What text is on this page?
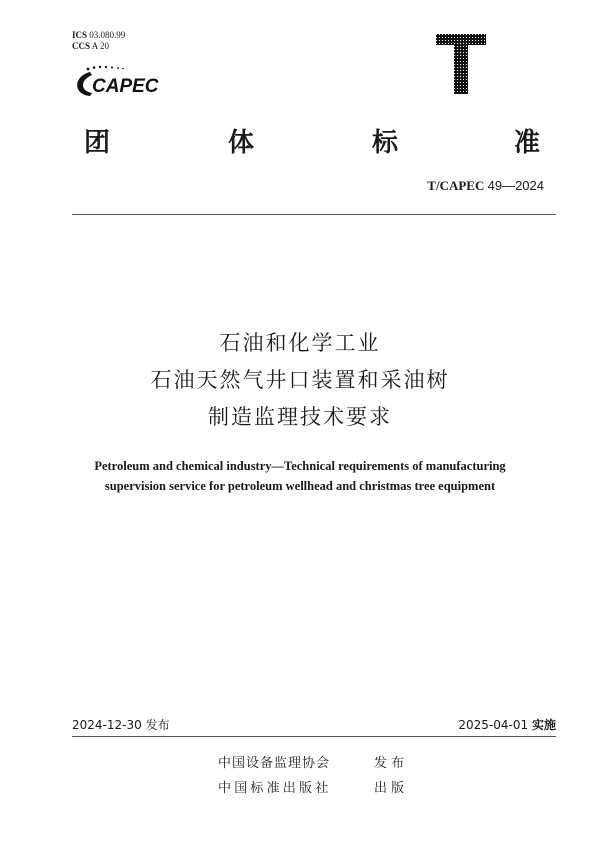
ICS 03.080.99
CCS A 20
CAPEC
团	体	标	准
T/CAPEC 49—2024
石油和化学工业
石油天然气井口装置和采油树
制造监理技术要求
Petroleum and chemical industry—Technical requirements of manufacturing
supervision service for petroleum wellhead and christmas tree equipment
2024-12-30 发布	2025-04-01 实施
中国设备监理协会	发 布
中国标准出版社	出 版
